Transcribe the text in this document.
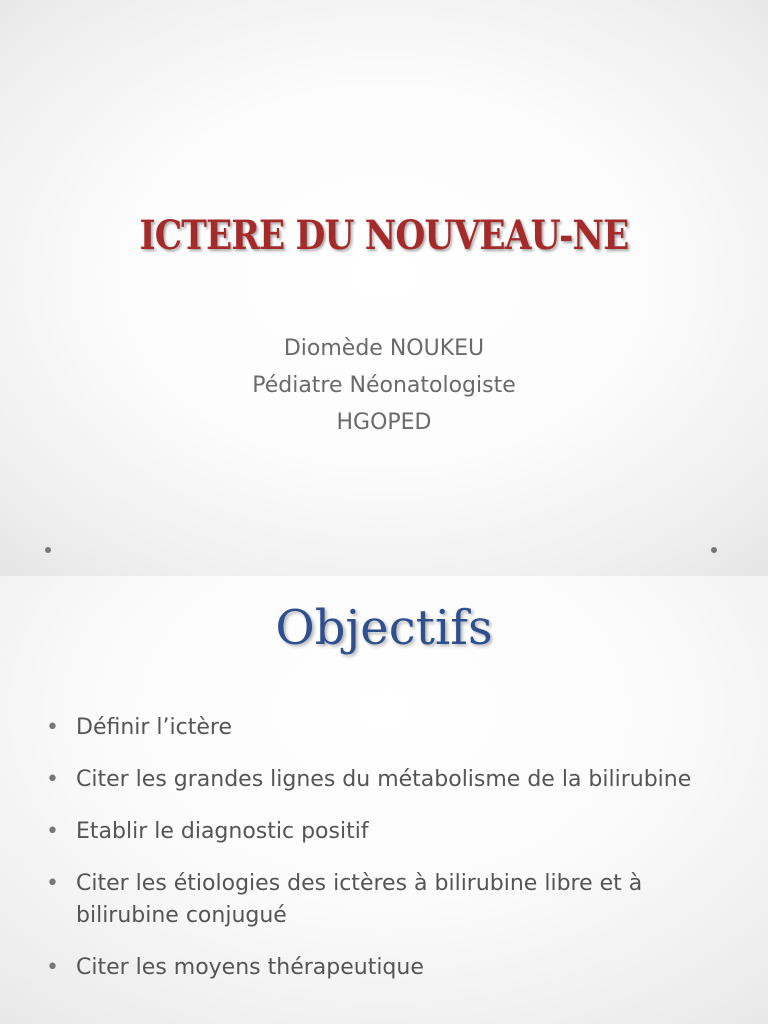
ICTERE DU NOUVEAU-NE
Diomède NOUKEU
Pédiatre Néonatologiste
HGOPED
Objectifs
• Définir l’ictère
• Citer les grandes lignes du métabolisme de la bilirubine
• Etablir le diagnostic positif
• Citer les étiologies des ictères à bilirubine libre et à bilirubine conjugué
• Citer les moyens thérapeutique
